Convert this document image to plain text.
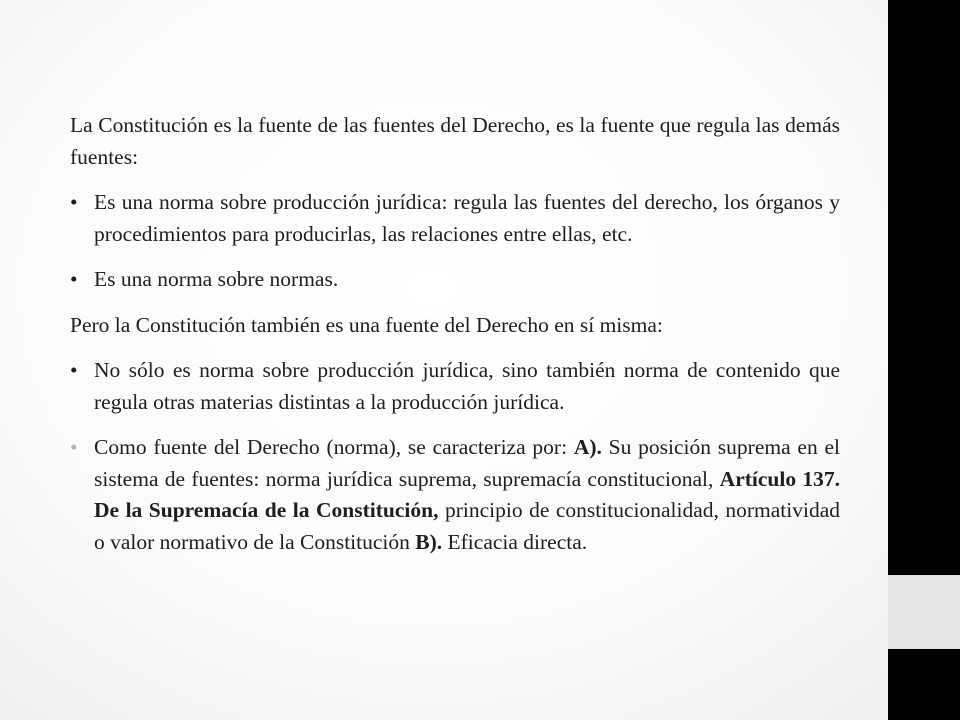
La Constitución es la fuente de las fuentes del Derecho, es la fuente que regula las demás fuentes:

• Es una norma sobre producción jurídica: regula las fuentes del derecho, los órganos y procedimientos para producirlas, las relaciones entre ellas, etc.
• Es una norma sobre normas.

Pero la Constitución también es una fuente del Derecho en sí misma:

• No sólo es norma sobre producción jurídica, sino también norma de contenido que regula otras materias distintas a la producción jurídica.
• Como fuente del Derecho (norma), se caracteriza por: A). Su posición suprema en el sistema de fuentes: norma jurídica suprema, supremacía constitucional, Artículo 137. De la Supremacía de la Constitución, principio de constitucionalidad, normatividad o valor normativo de la Constitución B). Eficacia directa.
